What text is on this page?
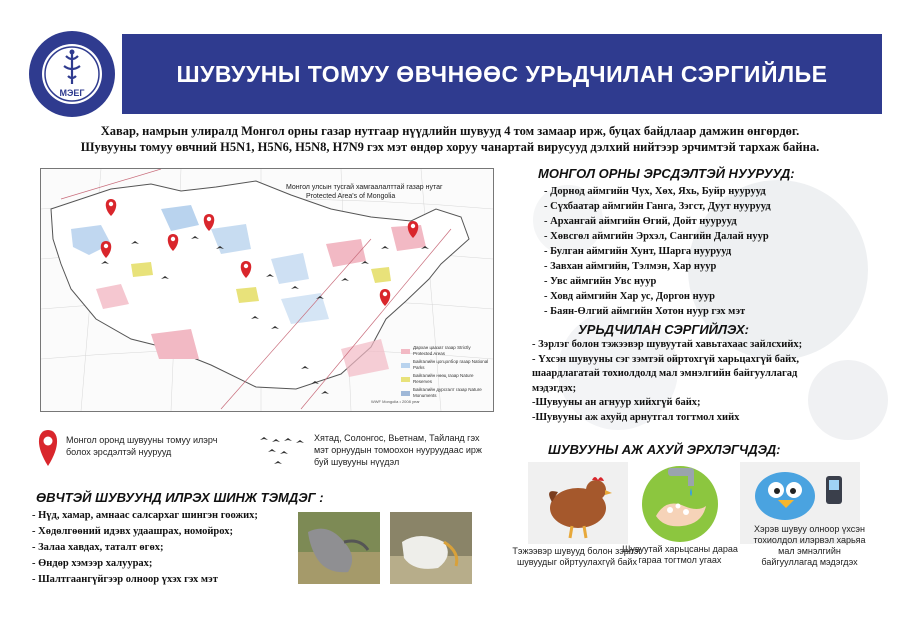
МЭЕГ
ШУВУУНЫ ТОМУУ ӨВЧНӨӨС УРЬДЧИЛАН СЭРГИЙЛЬЕ
Хавар, намрын улиралд Монгол орны газар нутгаар нүүдлийн шувууд 4 том замаар ирж, буцах байдлаар дамжин өнгөрдөг.
Шувууны томуу өвчний H5N1, H5N6, H5N8, H7N9 гэх мэт өндөр хоруу чанартай вирусууд дэлхий нийтээр эрчимтэй тархаж байна.
Монгол улсын тусгай хамгаалалттай газар нутаг
Protected Area's of Mongolia
Дархан цаазат газар Strictly Protected Areas
Байгалийн цогцолбор газар National Parks
Байгалийн нөөц газар Nature Reserves
Байгалийн дурсгалт газар Nature Monuments
WWF Mongolia • 2008 year
Монгол оронд шувууны томуу илэрч болох эрсдэлтэй нуурууд
Хятад, Солонгос, Вьетнам, Тайланд гэх мэт орнуудын томоохон нууруудаас ирж буй шувууны нүүдэл
ӨВЧТЭЙ ШУВУУНД ИЛРЭХ ШИНЖ ТЭМДЭГ :
- Нүд, хамар, амнаас салсархаг шингэн гоожих;
- Хөдөлгөөний идэвх удаашрах, номойрох;
- Залаа хавдах, таталт өгөх;
- Өндөр хэмээр халуурах;
- Шалтгаангүйгээр олноор үхэх гэх мэт
МОНГОЛ ОРНЫ ЭРСДЭЛТЭЙ НУУРУУД:
- Дорнод аймгийн Чух, Хөх, Яхь, Буйр нуурууд
- Сүхбаатар аймгийн Ганга, Зэгст, Дуут нуурууд
- Архангай аймгийн Өгий, Дойт нуурууд
- Хөвсгөл аймгийн Эрхэл, Сангийн Далай нуур
- Булган аймгийн Хунт, Шарга нуурууд
- Завхан аймгийн, Тэлмэн, Хар нуур
- Увс аймгийн Увс нуур
- Ховд аймгийн Хар ус, Доргон нуур
- Баян-Өлгий аймгийн Хотон нуур гэх мэт
УРЬДЧИЛАН СЭРГИЙЛЭХ:
- Зэрлэг болон тэжээвэр шувуутай хавьтахаас зайлсхийх;
- Үхсэн шувууны сэг зэмтэй ойртохгүй харьцахгүй байх,
шаардлагатай тохиолдолд мал эмнэлгийн байгууллагад
мэдэгдэх;
-Шувууны ан агнуур хийхгүй байх;
-Шувууны аж ахуйд арнутгал тогтмол хийх
ШУВУУНЫ АЖ АХУЙ ЭРХЛЭГЧДЭД:
Тэжээвэр шувууд болон зэрлэг шувуудыг ойртуулахгүй байх
Шувуутай харьцсаны дараа гараа тогтмол угаах
Хэрэв шувуу олноор үхсэн тохиолдол илэрвэл харьяа мал эмнэлгийн байгууллагад мэдэгдэх
